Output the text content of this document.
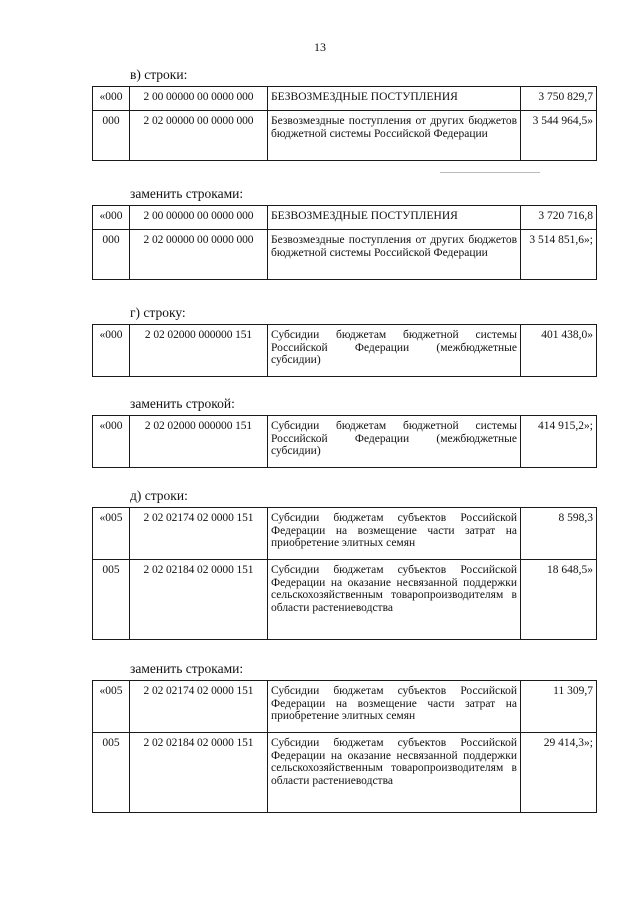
13
в) строки:
«000	2 00 00000 00 0000 000	БЕЗВОЗМЕЗДНЫЕ ПОСТУПЛЕНИЯ	3 750 829,7
000	2 02 00000 00 0000 000	Безвозмездные поступления от других бюджетов бюджетной системы Российской Федерации	3 544 964,5»
заменить строками:
«000	2 00 00000 00 0000 000	БЕЗВОЗМЕЗДНЫЕ ПОСТУПЛЕНИЯ	3 720 716,8
000	2 02 00000 00 0000 000	Безвозмездные поступления от других бюджетов бюджетной системы Российской Федерации	3 514 851,6»;
г) строку:
«000	2 02 02000 000000 151	Субсидии бюджетам бюджетной системы Российской Федерации (межбюджетные субсидии)	401 438,0»
заменить строкой:
«000	2 02 02000 000000 151	Субсидии бюджетам бюджетной системы Российской Федерации (межбюджетные субсидии)	414 915,2»;
д) строки:
«005	2 02 02174 02 0000 151	Субсидии бюджетам субъектов Российской Федерации на возмещение части затрат на приобретение элитных семян	8 598,3
005	2 02 02184 02 0000 151	Субсидии бюджетам субъектов Российской Федерации на оказание несвязанной поддержки сельскохозяйственным товаропроизводителям в области растениеводства	18 648,5»
заменить строками:
«005	2 02 02174 02 0000 151	Субсидии бюджетам субъектов Российской Федерации на возмещение части затрат на приобретение элитных семян	11 309,7
005	2 02 02184 02 0000 151	Субсидии бюджетам субъектов Российской Федерации на оказание несвязанной поддержки сельскохозяйственным товаропроизводителям в области растениеводства	29 414,3»;
